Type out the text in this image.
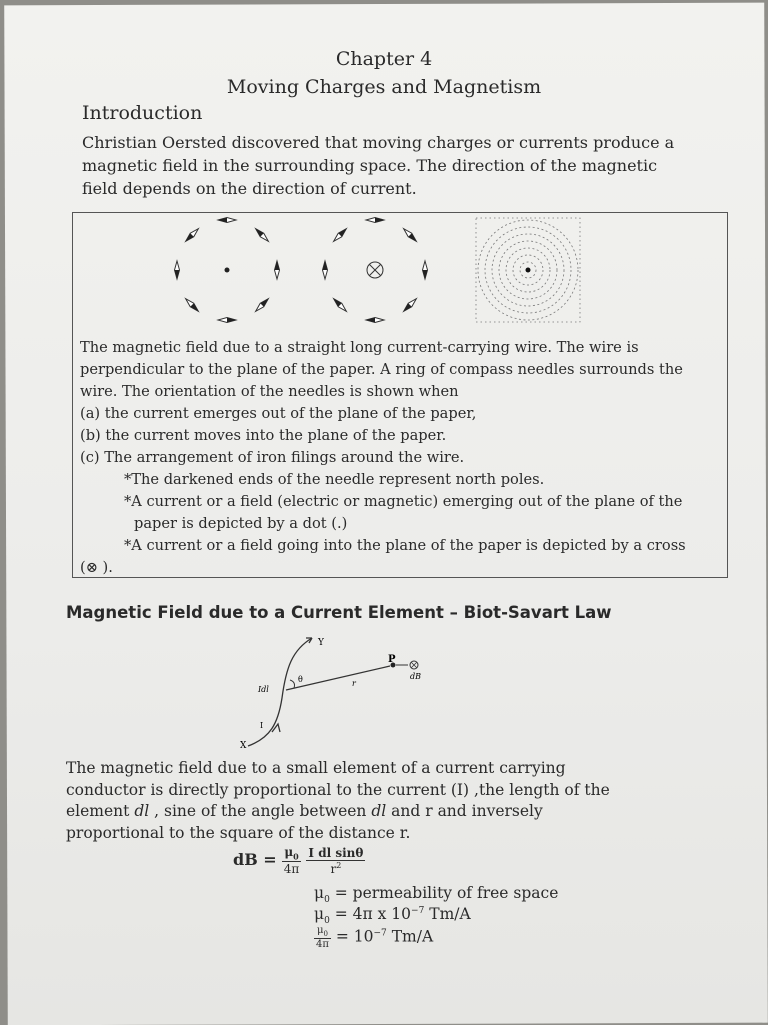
Chapter 4
Moving Charges and Magnetism
Introduction
Christian Oersted discovered that moving charges or currents produce a
magnetic field in the surrounding space. The direction of the magnetic
field depends on the direction of current.

The magnetic field due to a straight long current-carrying wire. The wire is

perpendicular to the plane of the paper. A ring of compass needles surrounds the

wire. The orientation of the needles is shown when

(a) the current emerges out of the plane of the paper,

(b) the current moves into the plane of the paper.

(c) The arrangement of iron filings around the wire.

*The darkened ends of the needle represent north poles.

*A current or a field (electric or magnetic) emerging out of the plane of the

paper is depicted by a dot (.)

*A current or a field going into the plane of the paper is depicted by a cross

(⊗ ).

Magnetic Field due to a Current Element – Biot-Savart Law
Y
X
θ	r
Idl
I
P
dB
The magnetic field due to a small element of a current carrying
conductor is directly proportional to the current (I) ,the length of the
element dl , sine of the angle between dl and r and inversely
proportional to the square of the distance r.
dB = $\frac{\mu_0}{4\pi}$
$\frac{\text{I dl sinθ}}{r^2}$
$\mu_0$ = permeability of free space
$\mu_0 = 4\pi$ x $10^{-7}$ Tm/A
$\frac{\mu_0}{4\pi} = 10^{-7}$ Tm/A
